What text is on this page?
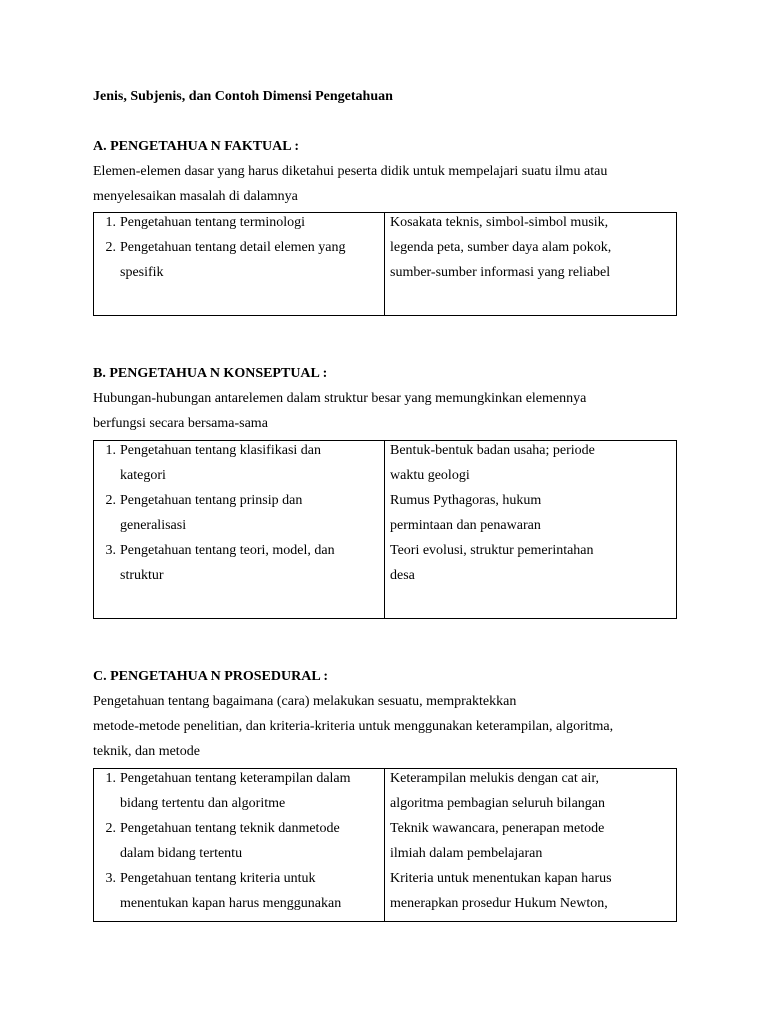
Jenis, Subjenis, dan Contoh Dimensi Pengetahuan
A. PENGETAHUA N FAKTUAL :
Elemen-elemen dasar yang harus diketahui peserta didik untuk mempelajari suatu ilmu atau
menyelesaikan masalah di dalamnya
1. Pengetahuan tentang terminologi
2. Pengetahuan tentang detail elemen yang
spesifik
Kosakata teknis, simbol-simbol musik,
legenda peta, sumber daya alam pokok,
sumber-sumber informasi yang reliabel
B. PENGETAHUA N KONSEPTUAL :
Hubungan-hubungan antarelemen dalam struktur besar yang memungkinkan elemennya
berfungsi secara bersama-sama
1. Pengetahuan tentang klasifikasi dan
kategori
2. Pengetahuan tentang prinsip dan
generalisasi
3. Pengetahuan tentang teori, model, dan
struktur
Bentuk-bentuk badan usaha; periode
waktu geologi
Rumus Pythagoras, hukum
permintaan dan penawaran
Teori evolusi, struktur pemerintahan
desa
C. PENGETAHUA N PROSEDURAL :
Pengetahuan tentang bagaimana (cara) melakukan sesuatu, mempraktekkan
metode-metode penelitian, dan kriteria-kriteria untuk menggunakan keterampilan, algoritma,
teknik, dan metode
1. Pengetahuan tentang keterampilan dalam
bidang tertentu dan algoritme
2. Pengetahuan tentang teknik danmetode
dalam bidang tertentu
3. Pengetahuan tentang kriteria untuk
menentukan kapan harus menggunakan
Keterampilan melukis dengan cat air,
algoritma pembagian seluruh bilangan
Teknik wawancara, penerapan metode
ilmiah dalam pembelajaran
Kriteria untuk menentukan kapan harus
menerapkan prosedur Hukum Newton,
